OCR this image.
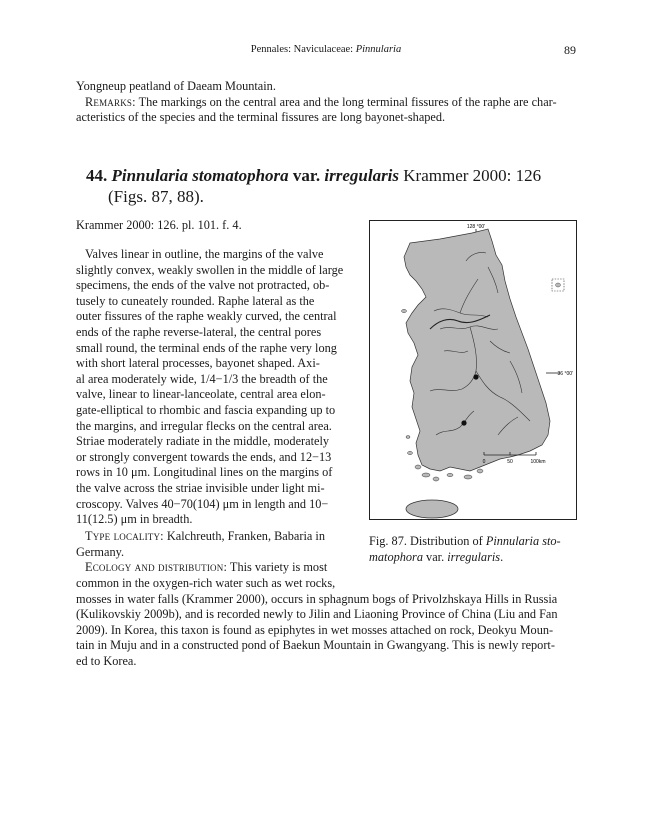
Pennales: Naviculaceae: Pinnularia	89
Yongneup peatland of Daeam Mountain.
Remarks: The markings on the central area and the long terminal fissures of the raphe are char-
acteristics of the species and the terminal fissures are long bayonet-shaped.
44. Pinnularia stomatophora var. irregularis Krammer 2000: 126
(Figs. 87, 88).
Krammer 2000: 126. pl. 101. f. 4.
Valves linear in outline, the margins of the valve
slightly convex, weakly swollen in the middle of large
specimens, the ends of the valve not protracted, ob-
tusely to cuneately rounded. Raphe lateral as the
outer fissures of the raphe weakly curved, the central
ends of the raphe reverse-lateral, the central pores
small round, the terminal ends of the raphe very long
with short lateral processes, bayonet shaped. Axi-
al area moderately wide, 1/4−1/3 the breadth of the
valve, linear to linear-lanceolate, central area elon-
gate-elliptical to rhombic and fascia expanding up to
the margins, and irregular flecks on the central area.
Striae moderately radiate in the middle, moderately
or strongly convergent towards the ends, and 12−13
rows in 10 μm. Longitudinal lines on the margins of
the valve across the striae invisible under light mi-
croscopy. Valves 40−70(104) μm in length and 10−
11(12.5) μm in breadth.
Type locality: Kalchreuth, Franken, Babaria in
Germany.
Ecology and distribution: This variety is most
common in the oxygen-rich water such as wet rocks,
mosses in water falls (Krammer 2000), occurs in sphagnum bogs of Privolzhskaya Hills in Russia
(Kulikovskiy 2009b), and is recorded newly to Jilin and Liaoning Province of China (Liu and Fan
2009). In Korea, this taxon is found as epiphytes in wet mosses attached on rock, Deokyu Moun-
tain in Muju and in a constructed pond of Baekun Mountain in Gwangyang. This is newly report-
ed to Korea.
128 °00'
36 °00'
0	50	100km
Fig. 87. Distribution of Pinnularia sto-
matophora var. irregularis.
